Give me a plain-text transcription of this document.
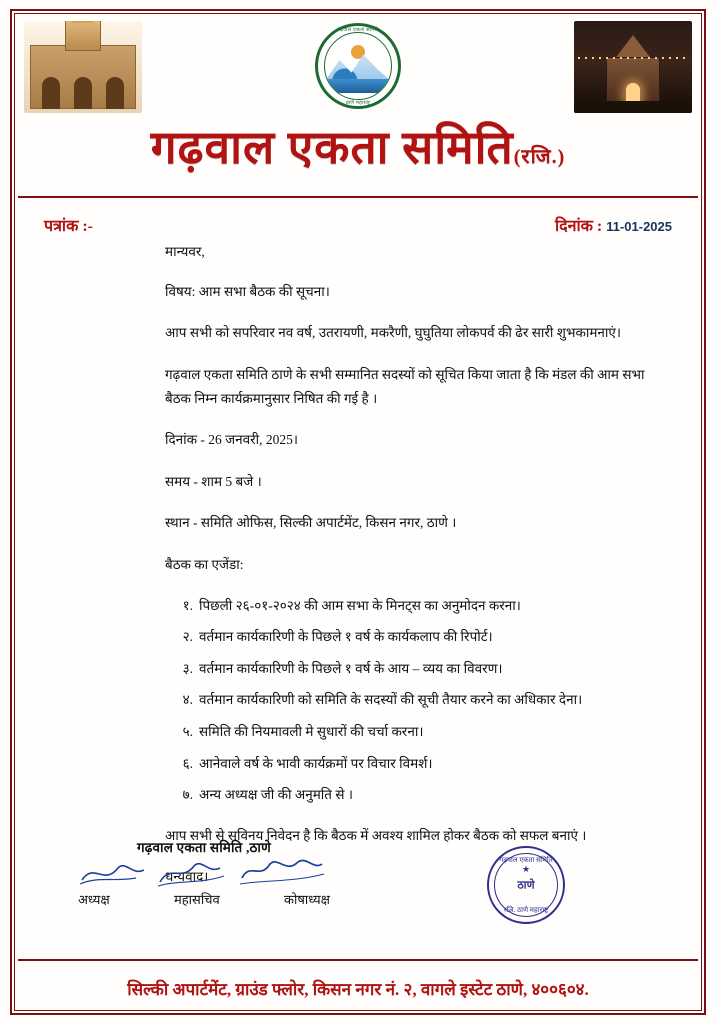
गढ़वाल एकता समिति
ठाणे महाराष्ट्र
गढ़वाल एकता समिति(रजि.)
पत्रांक :-	दिनांक : 11-01-2025

मान्यवर,

विषय: आम सभा बैठक की सूचना।

आप सभी को सपरिवार नव वर्ष, उतरायणी, मकरैणी, घुघुतिया लोकपर्व की ढेर सारी शुभकामनाएं।

गढ़वाल एकता समिति ठाणे के सभी सम्मानित सदस्यों को सूचित किया जाता है कि मंडल की आम सभा बैठक निम्न कार्यक्रमानुसार निषित की गई है ।

दिनांक - 26 जनवरी, 2025।

समय - शाम 5 बजे ।

स्थान - समिति ओफिस, सिल्की अपार्टमेंट, किसन नगर, ठाणे ।

बैठक का एजेंडा:

१. पिछली २६-०१-२०२४ की आम सभा के मिनट्स का अनुमोदन करना।
२. वर्तमान कार्यकारिणी के पिछले १ वर्ष के कार्यकलाप की रिपोर्ट।
३. वर्तमान कार्यकारिणी के पिछले १ वर्ष के आय – व्यय का विवरण।
४. वर्तमान कार्यकारिणी को समिति के सदस्यों की सूची तैयार करने का अधिकार देना।
५. समिति की नियमावली मे सुधारों की चर्चा करना।
६. आनेवाले वर्ष के भावी कार्यक्रमों पर विचार विमर्श।
७. अन्य अध्यक्ष जी की अनुमति से ।

आप सभी से सविनय निवेदन है कि बैठक में अवश्य शामिल होकर बैठक को सफल बनाएं ।

धन्यवाद।

गढ़वाल एकता समिति ,ठाणे
अध्यक्ष	महासचिव	कोषाध्यक्ष
★
गढ़वाल एकता समिति
ठाणे
रजि. ठाणे महाराष्ट्र
सिल्की अपार्टमेंट, ग्राउंड फ्लोर, किसन नगर नं. २, वागले इस्टेट ठाणे, ४००६०४.
